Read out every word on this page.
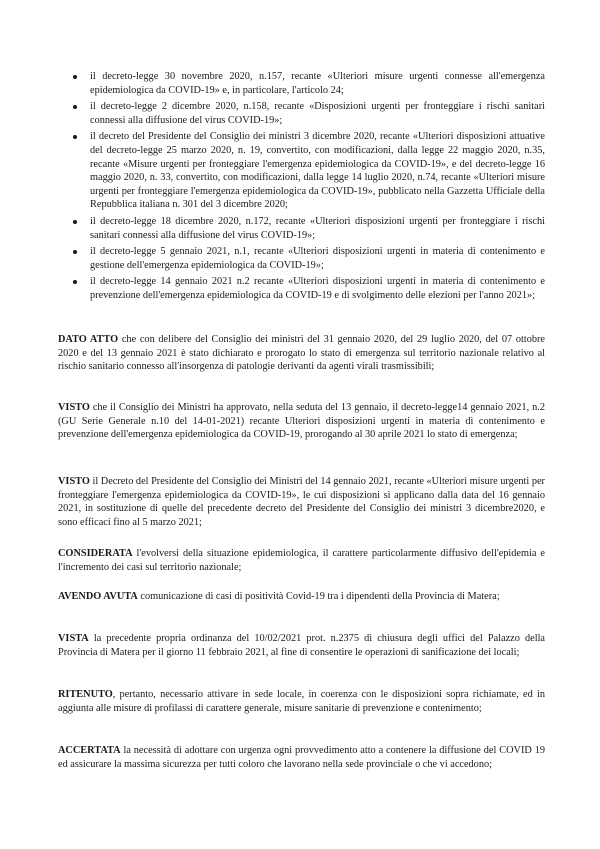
il decreto-legge 30 novembre 2020, n.157, recante «Ulteriori misure urgenti connesse all'emergenza epidemiologica da COVID-19» e, in particolare, l'articolo 24;
il decreto-legge 2 dicembre 2020, n.158, recante «Disposizioni urgenti per fronteggiare i rischi sanitari connessi alla diffusione del virus COVID-19»;
il decreto del Presidente del Consiglio dei ministri 3 dicembre 2020, recante «Ulteriori disposizioni attuative del decreto-legge 25 marzo 2020, n. 19, convertito, con modificazioni, dalla legge 22 maggio 2020, n.35, recante «Misure urgenti per fronteggiare l'emergenza epidemiologica da COVID-19», e del decreto-legge 16 maggio 2020, n. 33, convertito, con modificazioni, dalla legge 14 luglio 2020, n.74, recante «Ulteriori misure urgenti per fronteggiare l'emergenza epidemiologica da COVID-19», pubblicato nella Gazzetta Ufficiale della Repubblica italiana n. 301 del 3 dicembre 2020;
il decreto-legge 18 dicembre 2020, n.172, recante «Ulteriori disposizioni urgenti per fronteggiare i rischi sanitari connessi alla diffusione del virus COVID-19»;
il decreto-legge 5 gennaio 2021, n.1, recante «Ulteriori disposizioni urgenti in materia di contenimento e gestione dell'emergenza epidemiologica da COVID-19»;
il decreto-legge 14 gennaio 2021 n.2 recante «Ulteriori disposizioni urgenti in materia di contenimento e prevenzione dell'emergenza epidemiologica da COVID-19 e di svolgimento delle elezioni per l'anno 2021»;

DATO ATTO che con delibere del Consiglio dei ministri del 31 gennaio 2020, del 29 luglio 2020, del 07 ottobre 2020 e del 13 gennaio 2021 è stato dichiarato e prorogato lo stato di emergenza sul territorio nazionale relativo al rischio sanitario connesso all'insorgenza di patologie derivanti da agenti virali trasmissibili;

VISTO che il Consiglio dei Ministri ha approvato, nella seduta del 13 gennaio, il decreto-legge14 gennaio 2021, n.2 (GU Serie Generale n.10 del 14-01-2021) recante Ulteriori disposizioni urgenti in materia di contenimento e prevenzione dell'emergenza epidemiologica da COVID-19, prorogando al 30 aprile 2021 lo stato di emergenza;

VISTO il Decreto del Presidente del Consiglio dei Ministri del 14 gennaio 2021, recante «Ulteriori misure urgenti per fronteggiare l'emergenza epidemiologica da COVID-19», le cui disposizioni si applicano dalla data del 16 gennaio 2021, in sostituzione di quelle del precedente decreto del Presidente del Consiglio dei ministri 3 dicembre2020, e sono efficaci fino al 5 marzo 2021;

CONSIDERATA l'evolversi della situazione epidemiologica, il carattere particolarmente diffusivo dell'epidemia e l'incremento dei casi sul territorio nazionale;

AVENDO AVUTA comunicazione di casi di positività Covid-19 tra i dipendenti della Provincia di Matera;

VISTA la precedente propria ordinanza del 10/02/2021 prot. n.2375 di chiusura degli uffici del Palazzo della Provincia di Matera per il giorno 11 febbraio 2021, al fine di consentire le operazioni di sanificazione dei locali;

RITENUTO, pertanto, necessario attivare in sede locale, in coerenza con le disposizioni sopra richiamate, ed in aggiunta alle misure di profilassi di carattere generale, misure sanitarie di prevenzione e contenimento;

ACCERTATA la necessità di adottare con urgenza ogni provvedimento atto a contenere la diffusione del COVID 19 ed assicurare la massima sicurezza per tutti coloro che lavorano nella sede provinciale o che vi accedono;
